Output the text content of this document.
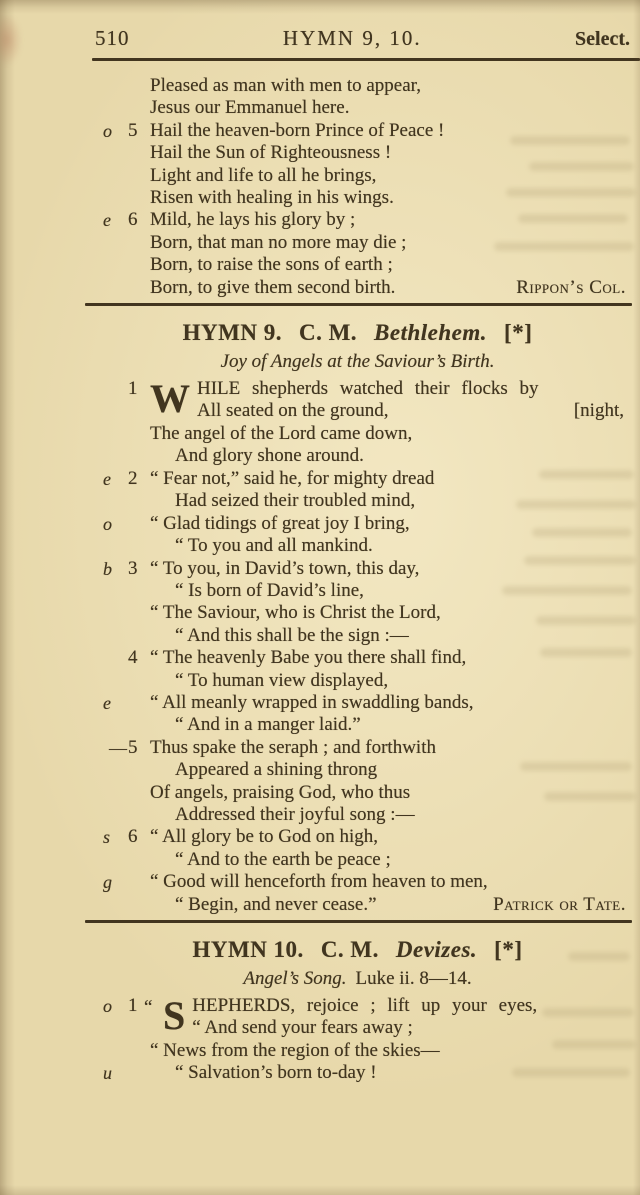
510	HYMN 9, 10.	Select.
Pleased as man with men to appear,
Jesus our Emmanuel here.
o 5 Hail the heaven-born Prince of Peace !
Hail the Sun of Righteousness !
Light and life to all he brings,
Risen with healing in his wings.
e 6 Mild, he lays his glory by ;
Born, that man no more may die ;
Born, to raise the sons of earth ;
Born, to give them second birth.	Rippon’s Col.
HYMN 9. C. M. Bethlehem. [*]
Joy of Angels at the Saviour’s Birth.
1 W HILE shepherds watched their flocks by
All seated on the ground,	[night,
The angel of the Lord came down,
And glory shone around.
e 2 “ Fear not,” said he, for mighty dread
Had seized their troubled mind,
o “ Glad tidings of great joy I bring,
“ To you and all mankind.
b 3 “ To you, in David’s town, this day,
“ Is born of David’s line,
“ The Saviour, who is Christ the Lord,
“ And this shall be the sign :—
4 “ The heavenly Babe you there shall find,
“ To human view displayed,
e “ All meanly wrapped in swaddling bands,
“ And in a manger laid.”
— 5 Thus spake the seraph ; and forthwith
Appeared a shining throng
Of angels, praising God, who thus
Addressed their joyful song :—
s 6 “ All glory be to God on high,
“ And to the earth be peace ;
g “ Good will henceforth from heaven to men,
“ Begin, and never cease.”	Patrick or Tate.
HYMN 10. C. M. Devizes. [*]
Angel’s Song. Luke ii. 8—14.
o 1 “ S HEPHERDS, rejoice ; lift up your eyes,
“ And send your fears away ;
“ News from the region of the skies—
u	“ Salvation’s born to-day !
